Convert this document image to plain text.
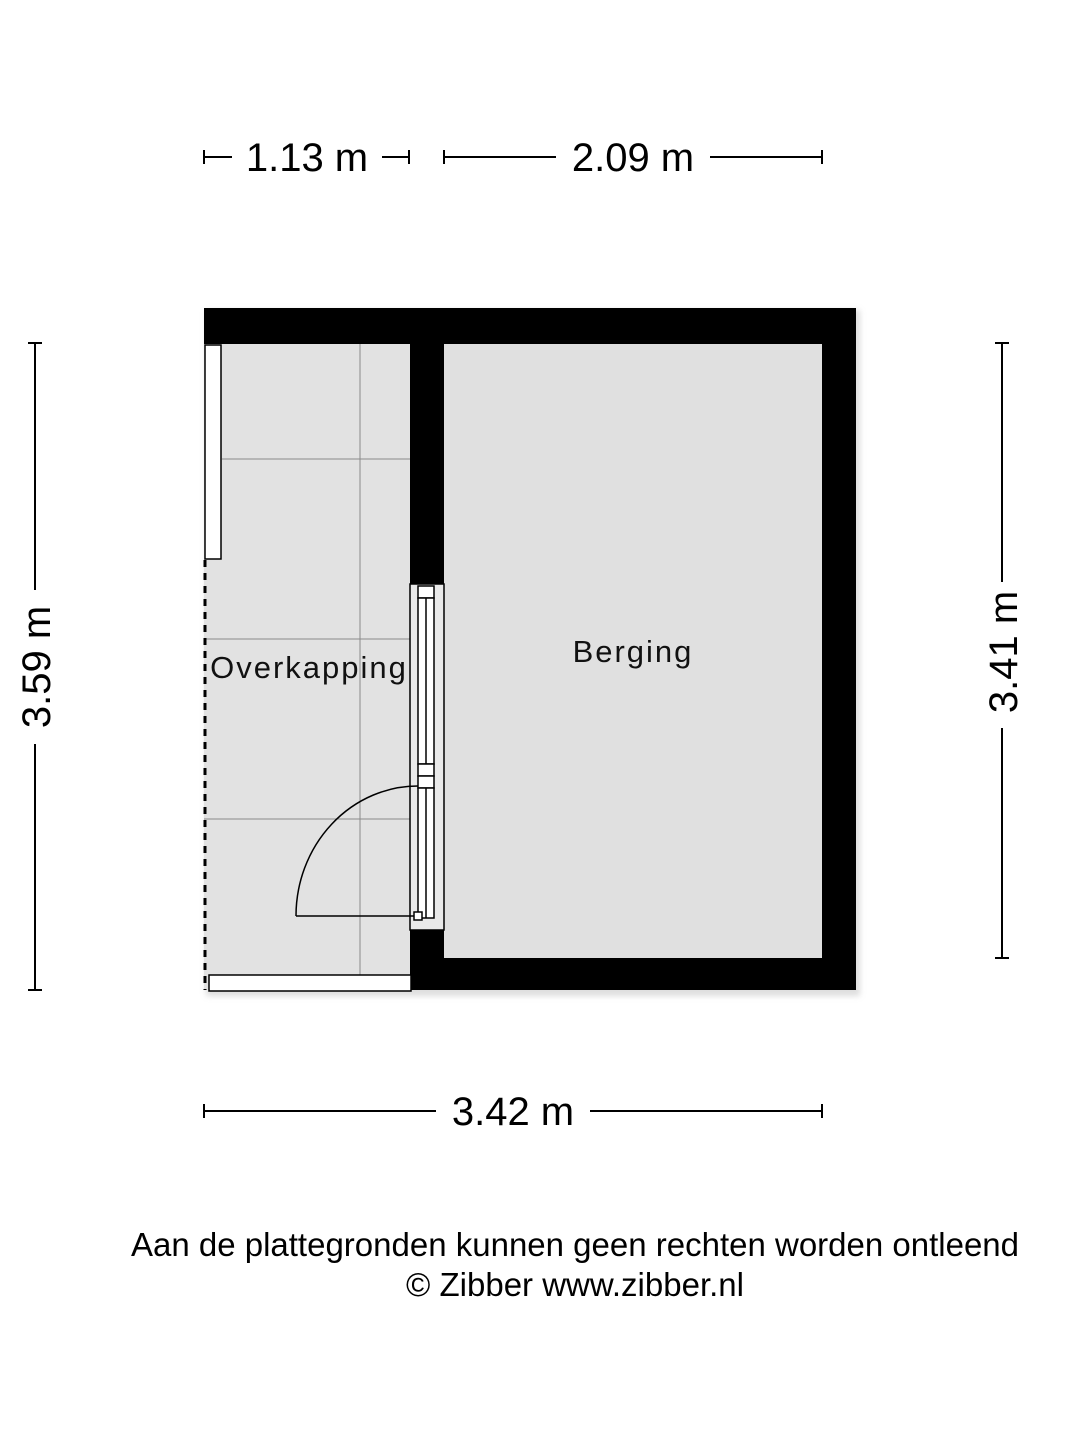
1.13 m	2.09 m
3.42 m
3.59 m	3.41 m
Overkapping	Berging
Aan de plattegronden kunnen geen rechten worden ontleend
© Zibber www.zibber.nl
